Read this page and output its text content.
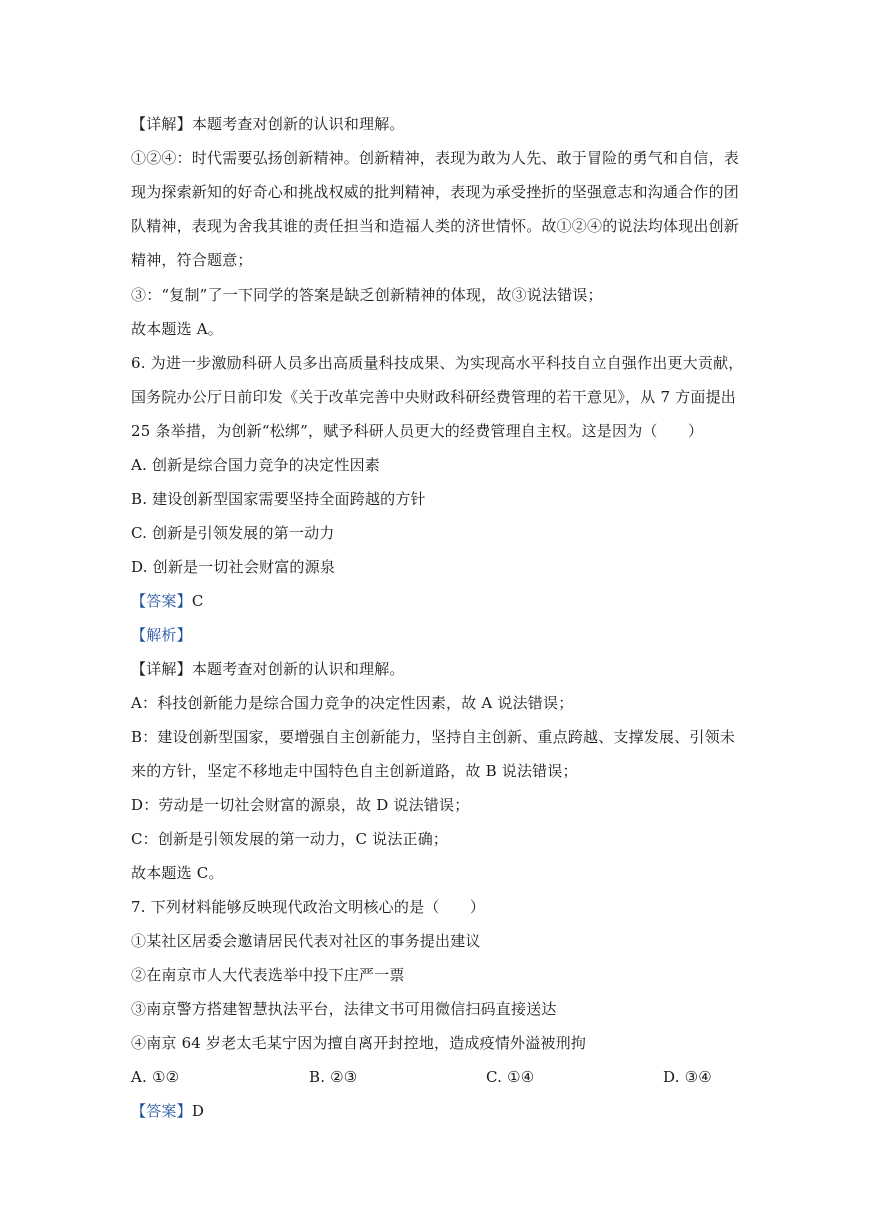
【详解】本题考查对创新的认识和理解。
①②④：时代需要弘扬创新精神。创新精神，表现为敢为人先、敢于冒险的勇气和自信，表
现为探索新知的好奇心和挑战权威的批判精神，表现为承受挫折的坚强意志和沟通合作的团
队精神，表现为舍我其谁的责任担当和造福人类的济世情怀。故①②④的说法均体现出创新
精神，符合题意；
③：“复制”了一下同学的答案是缺乏创新精神的体现，故③说法错误；
故本题选 A。
6. 为进一步激励科研人员多出高质量科技成果、为实现高水平科技自立自强作出更大贡献，
国务院办公厅日前印发《关于改革完善中央财政科研经费管理的若干意见》，从 7 方面提出
25 条举措，为创新“松绑”，赋予科研人员更大的经费管理自主权。这是因为（　　）
A. 创新是综合国力竞争的决定性因素
B. 建设创新型国家需要坚持全面跨越的方针
C. 创新是引领发展的第一动力
D. 创新是一切社会财富的源泉
【答案】C
【解析】
【详解】本题考查对创新的认识和理解。
A：科技创新能力是综合国力竞争的决定性因素，故 A 说法错误；
B：建设创新型国家，要增强自主创新能力，坚持自主创新、重点跨越、支撑发展、引领未
来的方针，坚定不移地走中国特色自主创新道路，故 B 说法错误；
D：劳动是一切社会财富的源泉，故 D 说法错误；
C：创新是引领发展的第一动力，C 说法正确；
故本题选 C。
7. 下列材料能够反映现代政治文明核心的是（　　）
①某社区居委会邀请居民代表对社区的事务提出建议
②在南京市人大代表选举中投下庄严一票
③南京警方搭建智慧执法平台，法律文书可用微信扫码直接送达
④南京 64 岁老太毛某宁因为擅自离开封控地，造成疫情外溢被刑拘
A. ①②	B. ②③	C. ①④	D. ③④
【答案】D
